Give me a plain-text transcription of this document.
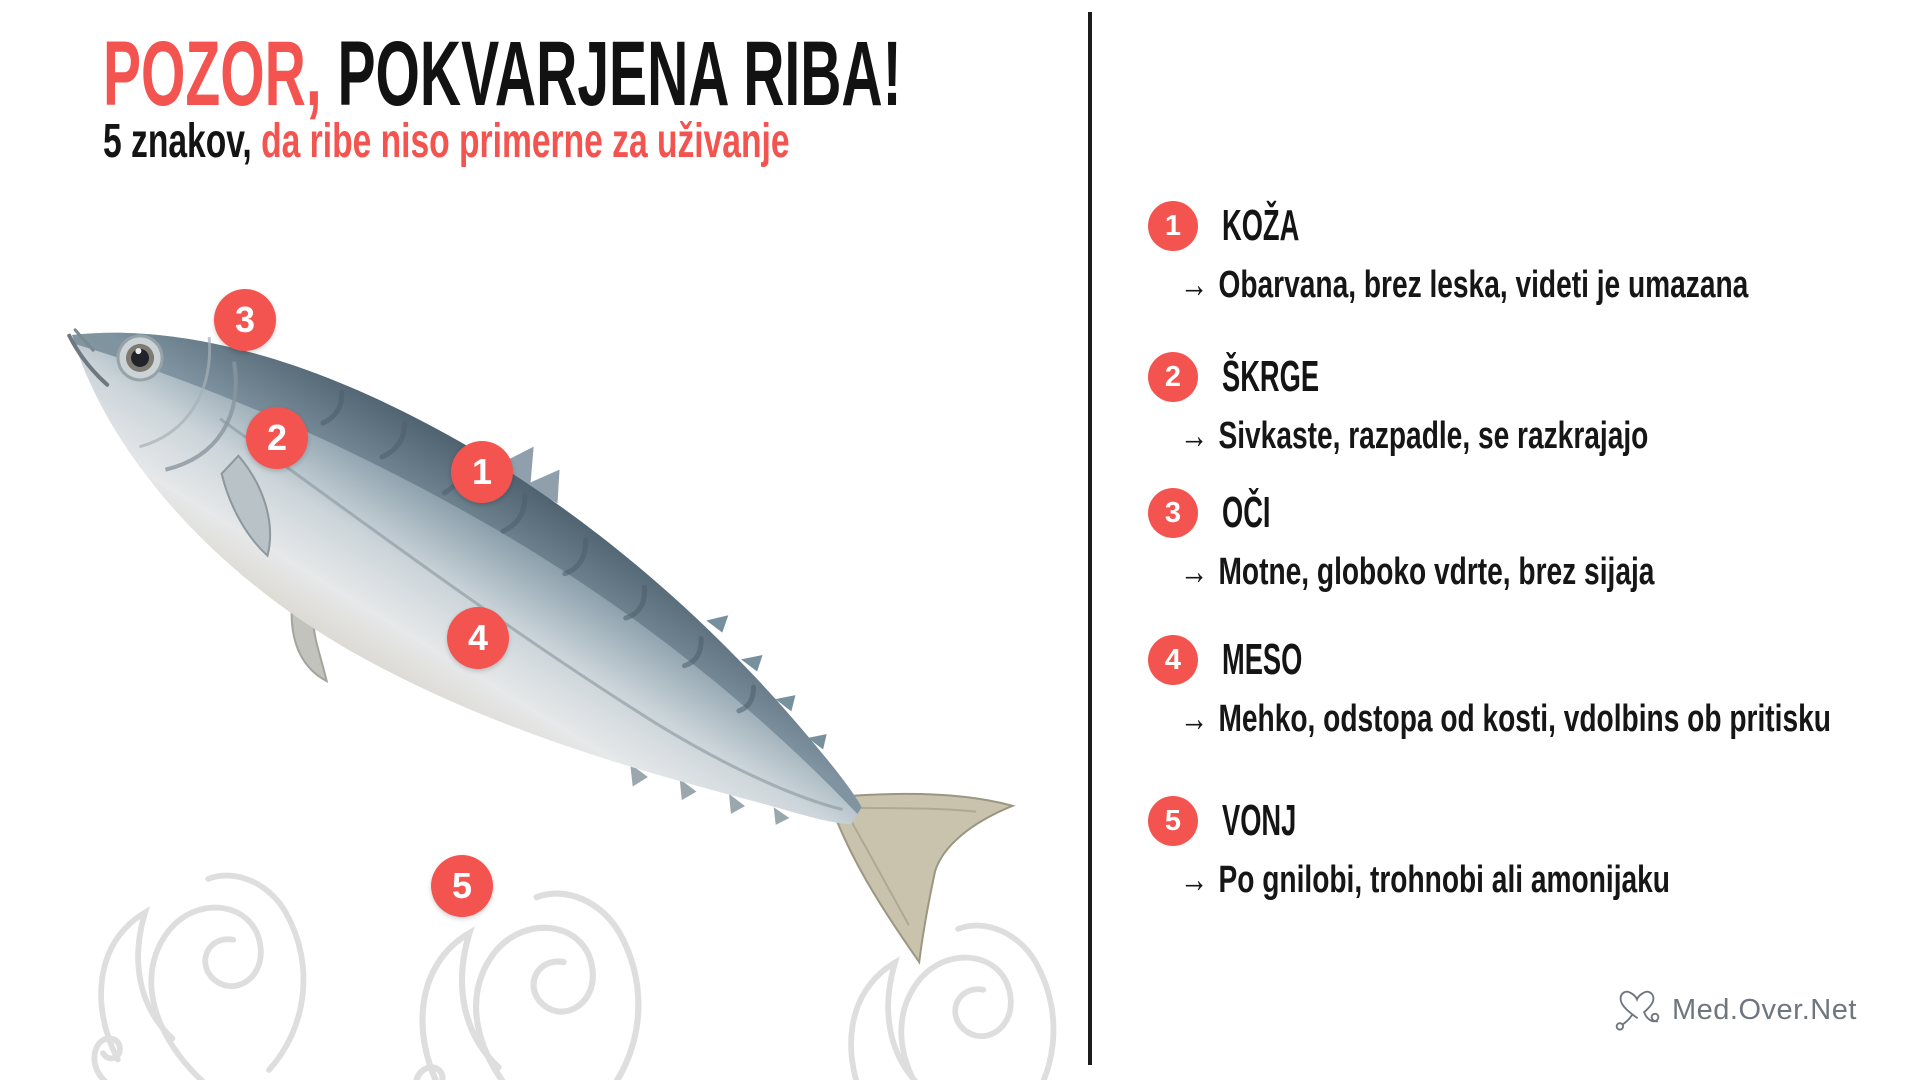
POZOR, POKVARJENA RIBA!
5 znakov, da ribe niso primerne za uživanje
1
2
3
4
5
1 KOŽA

→ Obarvana, brez leska, videti je umazana

2 ŠKRGE

→ Sivkaste, razpadle, se razkrajajo

3 OČI

→ Motne, globoko vdrte, brez sijaja

4 MESO

→ Mehko, odstopa od kosti, vdolbins ob pritisku

5 VONJ

→ Po gnilobi, trohnobi ali amonijaku

Med.Over.Net
